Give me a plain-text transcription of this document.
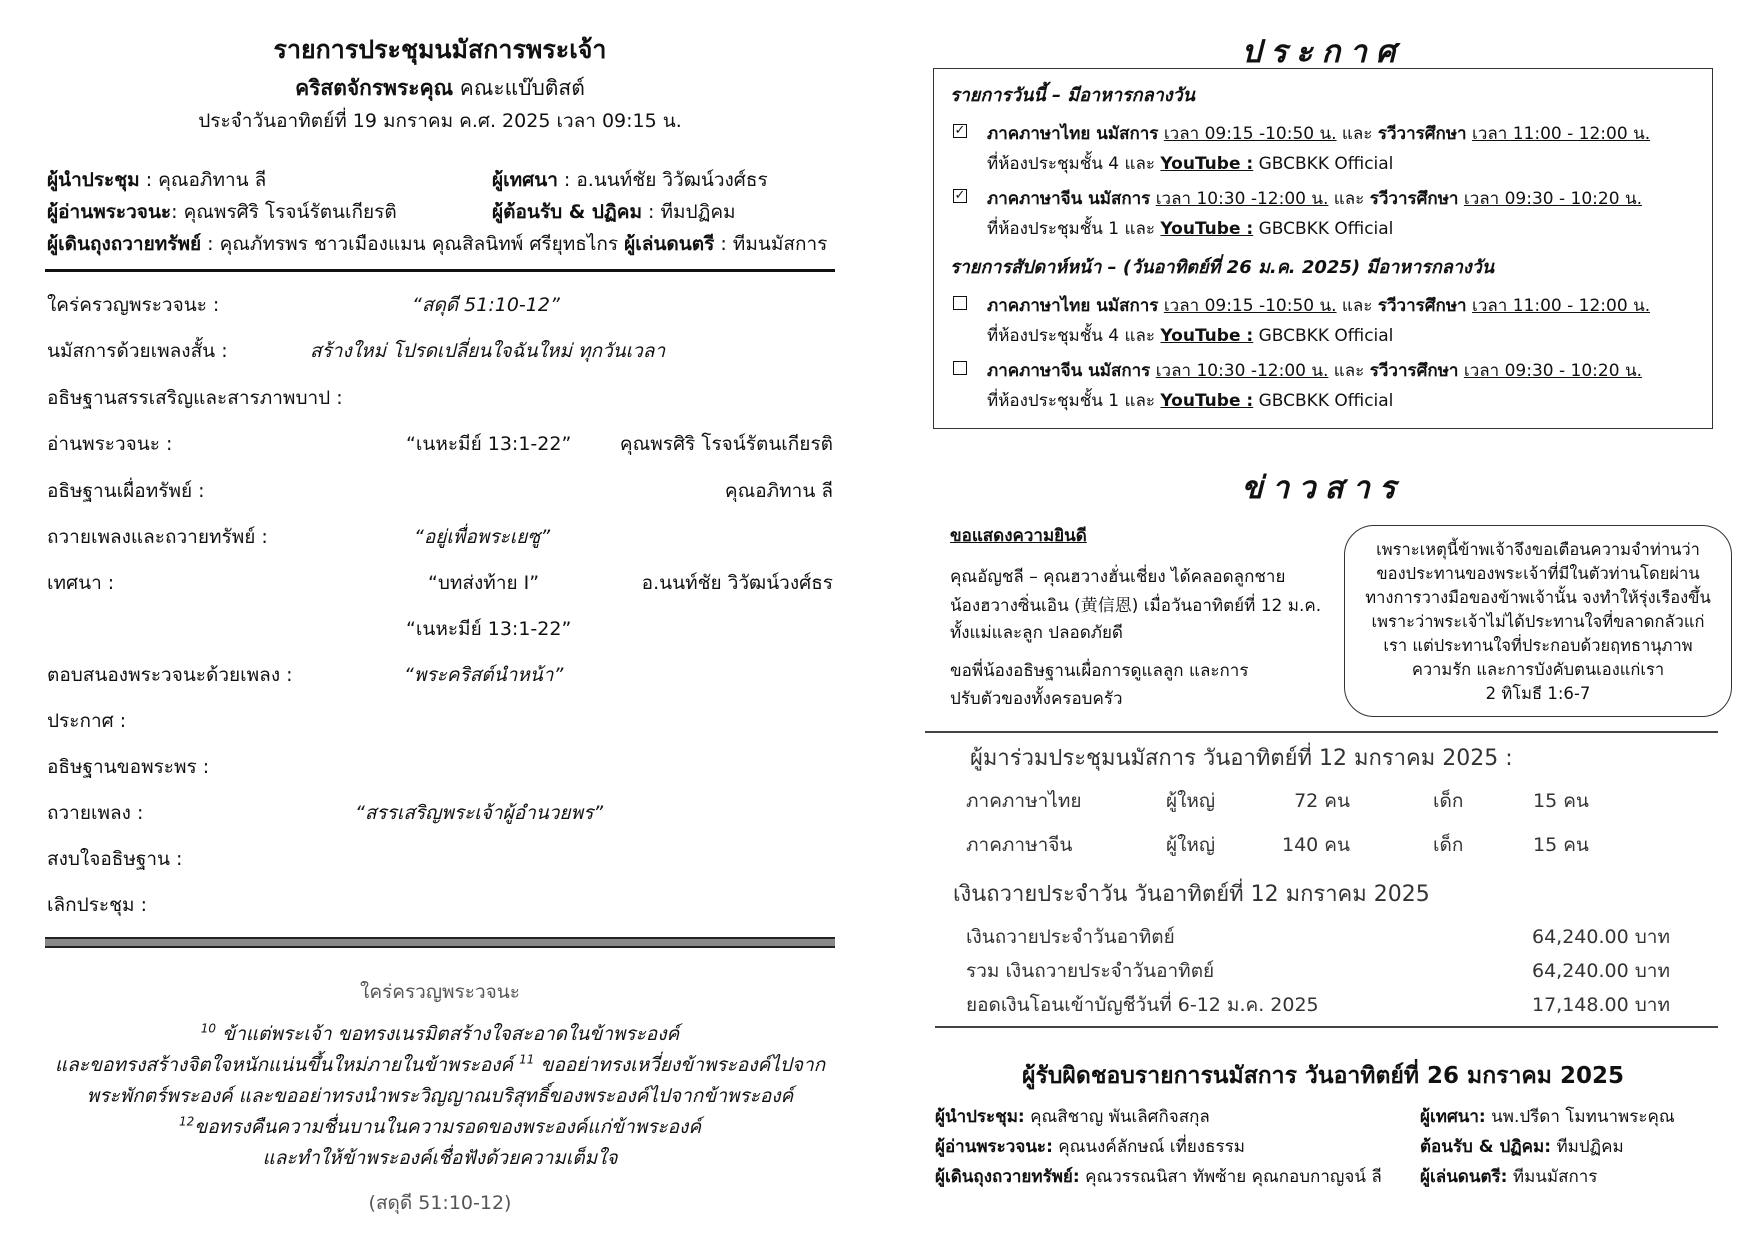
รายการประชุมนมัสการพระเจ้า
คริสตจักรพระคุณ คณะแบ๊บติสต์
ประจำวันอาทิตย์ที่ 19 มกราคม ค.ศ. 2025 เวลา 09:15 น.
ผู้นำประชุม : คุณอภิทาน ลี	ผู้เทศนา : อ.นนท์ชัย วิวัฒน์วงศ์ธร
ผู้อ่านพระวจนะ: คุณพรศิริ โรจน์รัตนเกียรติ	ผู้ต้อนรับ & ปฏิคม : ทีมปฏิคม
ผู้เดินถุงถวายทรัพย์ : คุณภัทรพร ชาวเมืองแมน คุณสิลนิทพ์ ศรียุทธไกร ผู้เล่นดนตรี : ทีมนมัสการ
ใคร่ครวญพระวจนะ :	“สดุดี 51:10-12”
นมัสการด้วยเพลงสั้น :	สร้างใหม่ โปรดเปลี่ยนใจฉันใหม่ ทุกวันเวลา
อธิษฐานสรรเสริญและสารภาพบาป :
อ่านพระวจนะ :	“เนหะมีย์ 13:1-22”	คุณพรศิริ โรจน์รัตนเกียรติ
อธิษฐานเผื่อทรัพย์ :	คุณอภิทาน ลี
ถวายเพลงและถวายทรัพย์ :	“อยู่เพื่อพระเยซู”
เทศนา :	“บทส่งท้าย I”	อ.นนท์ชัย วิวัฒน์วงศ์ธร
“เนหะมีย์ 13:1-22”
ตอบสนองพระวจนะด้วยเพลง :	“พระคริสต์นำหน้า”
ประกาศ :
อธิษฐานขอพระพร :
ถวายเพลง :	“สรรเสริญพระเจ้าผู้อำนวยพร”
สงบใจอธิษฐาน :
เลิกประชุม :
ใคร่ครวญพระวจนะ
$^{10}$ ข้าแต่พระเจ้า ขอทรงเนรมิตสร้างใจสะอาดในข้าพระองค์
และขอทรงสร้างจิตใจหนักแน่นขึ้นใหม่ภายในข้าพระองค์ $^{11}$ ขออย่าทรงเหวี่ยงข้าพระองค์ไปจาก
พระพักตร์พระองค์ และขออย่าทรงนำพระวิญญาณบริสุทธิ์ของพระองค์ไปจากข้าพระองค์
$^{12}$ขอทรงคืนความชื่นบานในความรอดของพระองค์แก่ข้าพระองค์
และทำให้ข้าพระองค์เชื่อฟังด้วยความเต็มใจ
(สดุดี 51:10-12)
ประกาศ
รายการวันนี้ – มีอาหารกลางวัน
✓ ภาคภาษาไทย นมัสการ เวลา 09:15 -10:50 น. และ รวีวารศึกษา เวลา 11:00 - 12:00 น.
ที่ห้องประชุมชั้น 4 และ YouTube : GBCBKK Official
✓ ภาคภาษาจีน นมัสการ เวลา 10:30 -12:00 น. และ รวีวารศึกษา เวลา 09:30 - 10:20 น.
ที่ห้องประชุมชั้น 1 และ YouTube : GBCBKK Official
รายการสัปดาห์หน้า – (วันอาทิตย์ที่ 26 ม.ค. 2025) มีอาหารกลางวัน
ภาคภาษาไทย นมัสการ เวลา 09:15 -10:50 น. และ รวีวารศึกษา เวลา 11:00 - 12:00 น.
ที่ห้องประชุมชั้น 4 และ YouTube : GBCBKK Official
ภาคภาษาจีน นมัสการ เวลา 10:30 -12:00 น. และ รวีวารศึกษา เวลา 09:30 - 10:20 น.
ที่ห้องประชุมชั้น 1 และ YouTube : GBCBKK Official
ข่าวสาร
ขอแสดงความยินดี
คุณอัญชลี – คุณฮวางฮั่นเชี่ยง ได้คลอดลูกชาย
น้องฮวางซิ่นเอิน (黄信恩) เมื่อวันอาทิตย์ที่ 12 ม.ค.
ทั้งแม่และลูก ปลอดภัยดี
ขอพี่น้องอธิษฐานเผื่อการดูแลลูก และการ
ปรับตัวของทั้งครอบครัว
เพราะเหตุนี้ข้าพเจ้าจึงขอเตือนความจำท่านว่า
ของประทานของพระเจ้าที่มีในตัวท่านโดยผ่าน
ทางการวางมือของข้าพเจ้านั้น จงทำให้รุ่งเรืองขึ้น
เพราะว่าพระเจ้าไม่ได้ประทานใจที่ขลาดกลัวแก่
เรา แต่ประทานใจที่ประกอบด้วยฤทธานุภาพ
ความรัก และการบังคับตนเองแก่เรา
2 ทิโมธี 1:6-7
ผู้มาร่วมประชุมนมัสการ วันอาทิตย์ที่ 12 มกราคม 2025 :
ภาคภาษาไทย	ผู้ใหญ่	72 คน	เด็ก	15 คน
ภาคภาษาจีน	ผู้ใหญ่	140 คน	เด็ก	15 คน
เงินถวายประจำวัน วันอาทิตย์ที่ 12 มกราคม 2025
เงินถวายประจำวันอาทิตย์	64,240.00 บาท
รวม เงินถวายประจำวันอาทิตย์	64,240.00 บาท
ยอดเงินโอนเข้าบัญชีวันที่ 6-12 ม.ค. 2025	17,148.00 บาท
ผู้รับผิดชอบรายการนมัสการ วันอาทิตย์ที่ 26 มกราคม 2025
ผู้นำประชุม: คุณสิชาญ พันเลิศกิจสกุล	ผู้เทศนา: นพ.ปรีดา โมทนาพระคุณ
ผู้อ่านพระวจนะ: คุณนงค์ลักษณ์ เที่ยงธรรม	ต้อนรับ & ปฏิคม: ทีมปฏิคม
ผู้เดินถุงถวายทรัพย์: คุณวรรณนิสา ทัพซ้าย คุณกอบกาญจน์ ลี ผู้เล่นดนตรี: ทีมนมัสการ
